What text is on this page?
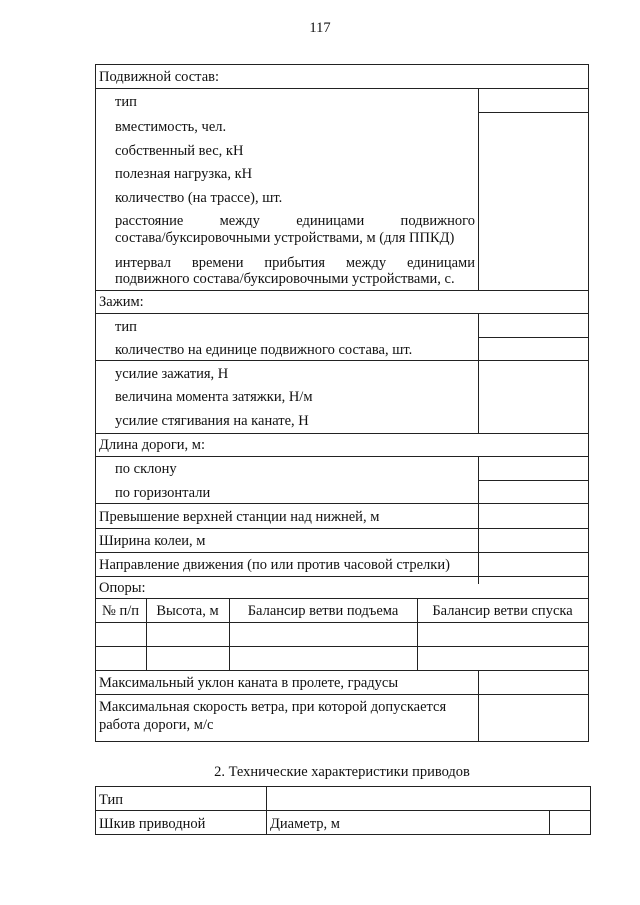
117
Подвижной состав:
тип
вместимость, чел.
собственный вес, кН
полезная нагрузка, кН
количество (на трассе), шт.
расстояние между единицами подвижного
состава/буксировочными устройствами, м (для ППКД)
интервал времени прибытия между единицами
подвижного состава/буксировочными устройствами, с.
Зажим:
тип
количество на единице подвижного состава, шт.
усилие зажатия, Н
величина момента затяжки, Н/м
усилие стягивания на канате, Н
Длина дороги, м:
по склону
по горизонтали
Превышение верхней станции над нижней, м
Ширина колеи, м
Направление движения (по или против часовой стрелки)
Опоры:
№ п/п	Высота, м	Балансир ветви подъема	Балансир ветви спуска
Максимальный уклон каната в пролете, градусы
Максимальная скорость ветра, при которой допускается
работа дороги, м/с
2. Технические характеристики приводов
Тип
Шкив приводной	Диаметр, м
